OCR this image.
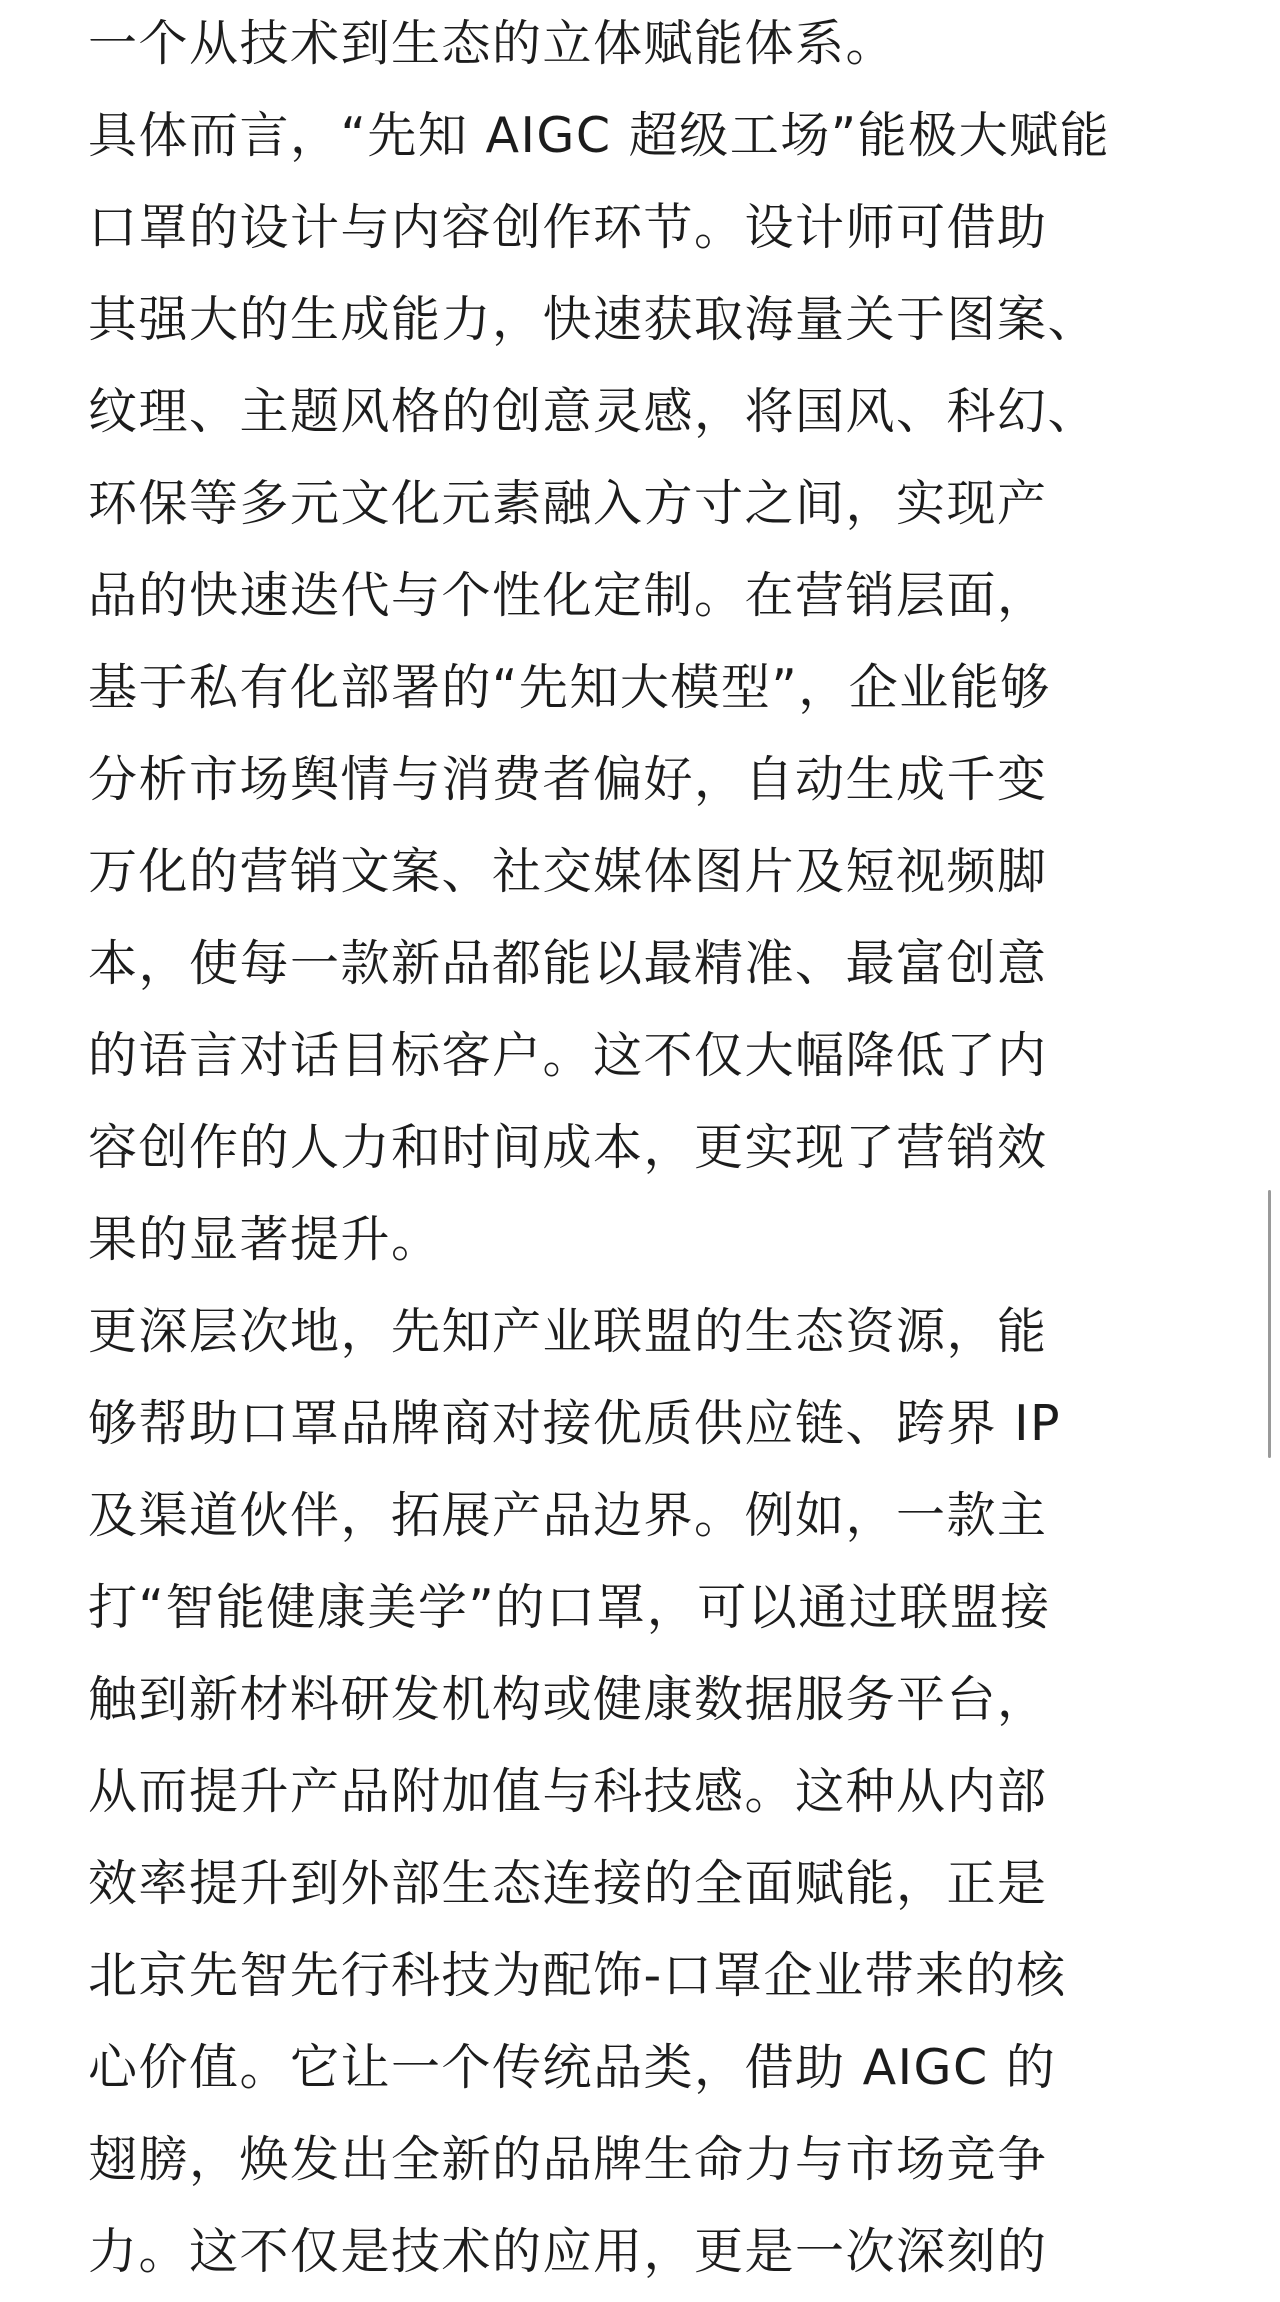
一个从技术到生态的立体赋能体系。
具体而言，“先知 AIGC 超级工场”能极大赋能
口罩的设计与内容创作环节。设计师可借助
其强大的生成能力，快速获取海量关于图案、
纹理、主题风格的创意灵感，将国风、科幻、
环保等多元文化元素融入方寸之间，实现产
品的快速迭代与个性化定制。在营销层面，
基于私有化部署的“先知大模型”，企业能够
分析市场舆情与消费者偏好，自动生成千变
万化的营销文案、社交媒体图片及短视频脚
本，使每一款新品都能以最精准、最富创意
的语言对话目标客户。这不仅大幅降低了内
容创作的人力和时间成本，更实现了营销效
果的显著提升。
更深层次地，先知产业联盟的生态资源，能
够帮助口罩品牌商对接优质供应链、跨界 IP
及渠道伙伴，拓展产品边界。例如，一款主
打“智能健康美学”的口罩，可以通过联盟接
触到新材料研发机构或健康数据服务平台，
从而提升产品附加值与科技感。这种从内部
效率提升到外部生态连接的全面赋能，正是
北京先智先行科技为配饰-口罩企业带来的核
心价值。它让一个传统品类，借助 AIGC 的
翅膀，焕发出全新的品牌生命力与市场竞争
力。这不仅是技术的应用，更是一次深刻的
